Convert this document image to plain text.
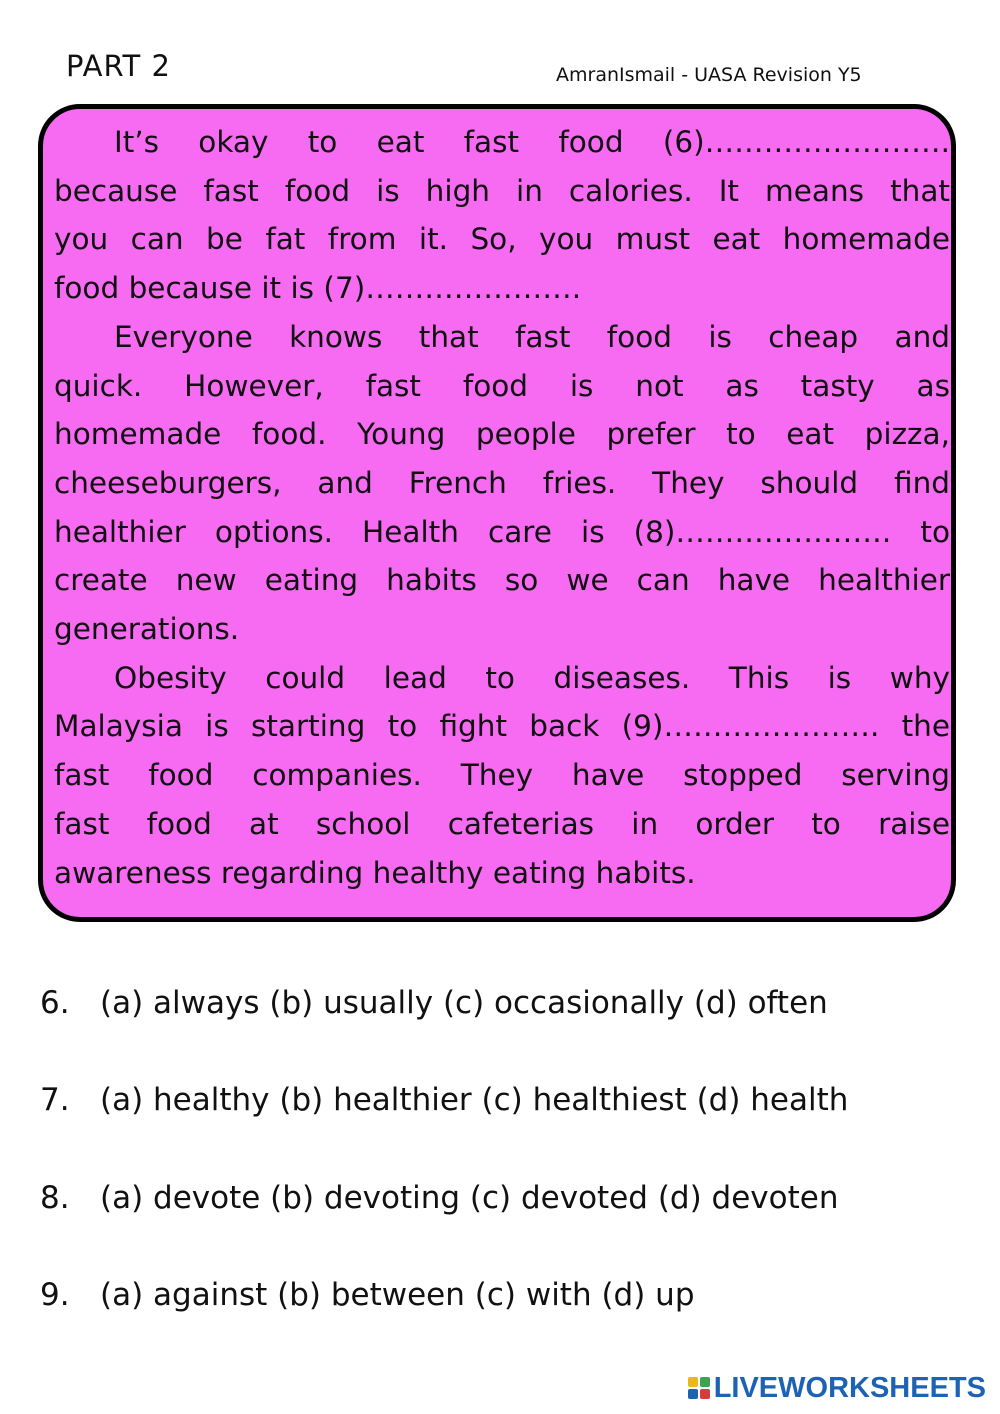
PART 2	AmranIsmail - UASA Revision Y5

It’s okay to eat fast food (6)…………………….
because fast food is high in calories. It means that
you can be fat from it. So, you must eat homemade
food because it is (7)………………….

Everyone knows that fast food is cheap and
quick. However, fast food is not as tasty as
homemade food. Young people prefer to eat pizza,
cheeseburgers, and French fries. They should find
healthier options. Health care is (8)…………………. to
create new eating habits so we can have healthier
generations.

Obesity could lead to diseases. This is why
Malaysia is starting to fight back (9)…………………. the
fast food companies. They have stopped serving
fast food at school cafeterias in order to raise
awareness regarding healthy eating habits.

6. (a) always (b) usually (c) occasionally (d) often
7. (a) healthy (b) healthier (c) healthiest (d) health
8. (a) devote (b) devoting (c) devoted (d) devoten
9. (a) against (b) between (c) with (d) up
LIVEWORKSHEETS
